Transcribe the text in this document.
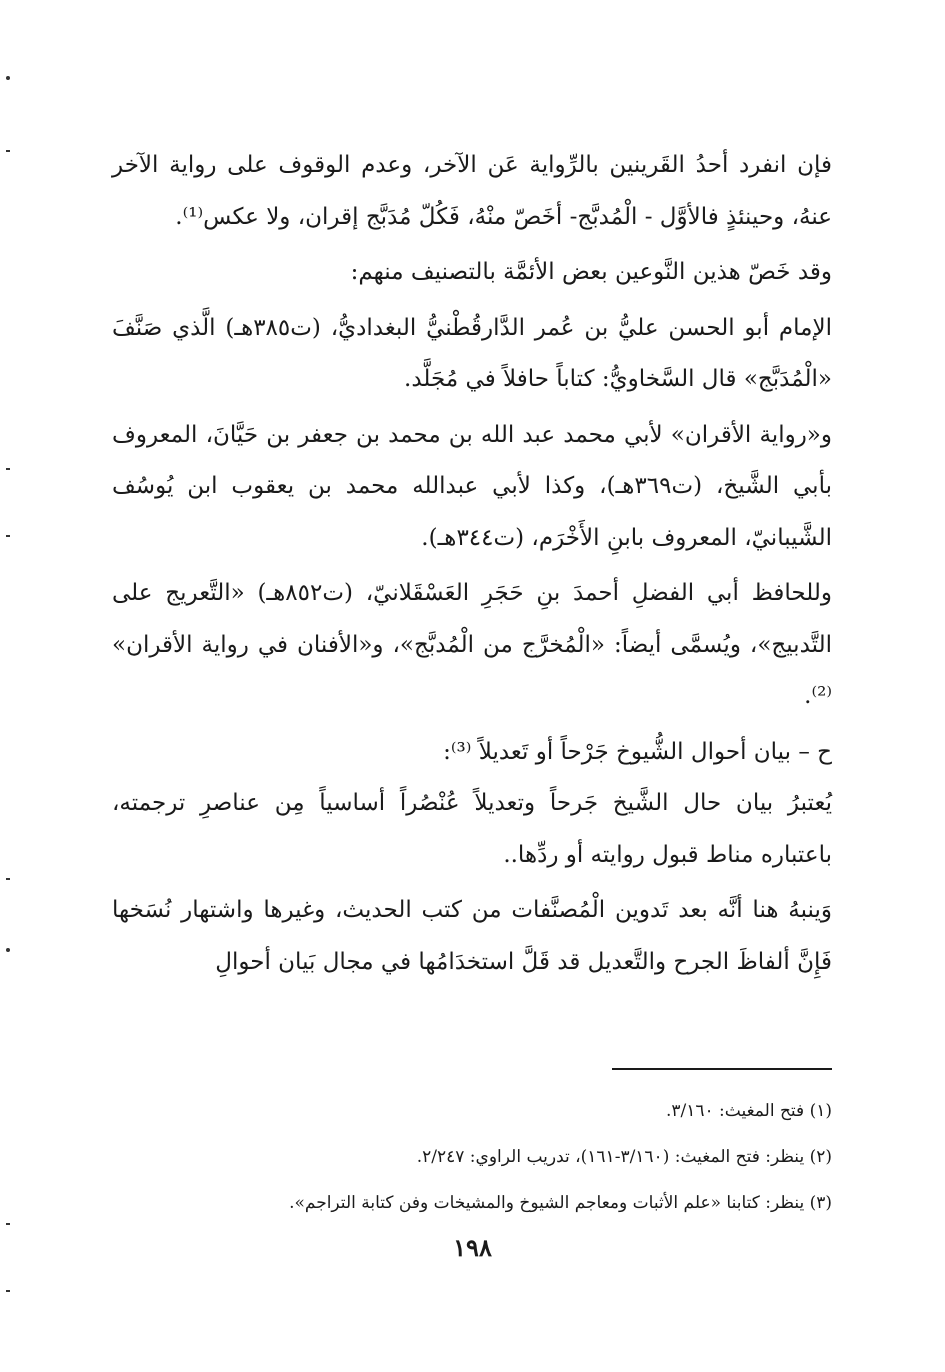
فإن انفرد أحدُ القَرينين بالرِّواية عَن الآخر، وعدم الوقوف على رواية الآخر عنهُ، وحينئذٍ فالأوَّل - الْمُدبَّج- أخَصّ منْهُ، فَكُلّ مُدَبَّج إقران، ولا عكس⁽¹⁾.

وقد خَصّ هذين النَّوعين بعض الأئمَّة بالتصنيف منهم:

الإمام أبو الحسن عليُّ بن عُمر الدَّارقُطْنيُّ البغداديُّ، (ت٣٨٥هـ) الَّذي صَنَّفَ «الْمُدَبَّج» قال السَّخاويُّ: كتاباً حافلاً في مُجَلَّد.

و«رواية الأقران» لأبي محمد عبد الله بن محمد بن جعفر بن حَيَّانَ، المعروف بأبي الشَّيخ، (ت٣٦٩هـ)، وكذا لأبي عبدالله محمد بن يعقوب ابن يُوسُف الشَّيبانيّ، المعروف بابنِ الأَخْرَم، (ت٣٤٤هـ).

وللحافظ أبي الفضلِ أحمدَ بنِ حَجَرِ العَسْقَلانيّ، (ت٨٥٢هـ) «التَّعريج على التَّدبيج»، ويُسمَّى أيضاً: «الْمُخرَّج من الْمُدبَّج»، و«الأفنان في رواية الأقران» ⁽²⁾.

ح – بيان أحوال الشُّيوخ جَرْحاً أو تَعديلاً ⁽³⁾:

يُعتبرُ بيان حال الشَّيخ جَرحاً وتعديلاً عُنْصُراً أساسياً مِن عناصرِ ترجمته، باعتباره مناط قبول روايته أو ردِّها..

وَينبهُ هنا أنَّه بعد تَدوين الْمُصنَّفات من كتب الحديث، وغيرها واشتهار نُسَخها فَإِنَّ ألفاظَ الجرح والتَّعديل قد قَلَّ استخدَامُها في مجال بَيان أحوالِ

(١) فتح المغيث: ٣/١٦٠.

(٢) ينظر: فتح المغيث: (٣/١٦٠-١٦١)، تدريب الراوي: ٢/٢٤٧.

(٣) ينظر: كتابنا «علم الأثبات ومعاجم الشيوخ والمشيخات وفن كتابة التراجم».

١٩٨
